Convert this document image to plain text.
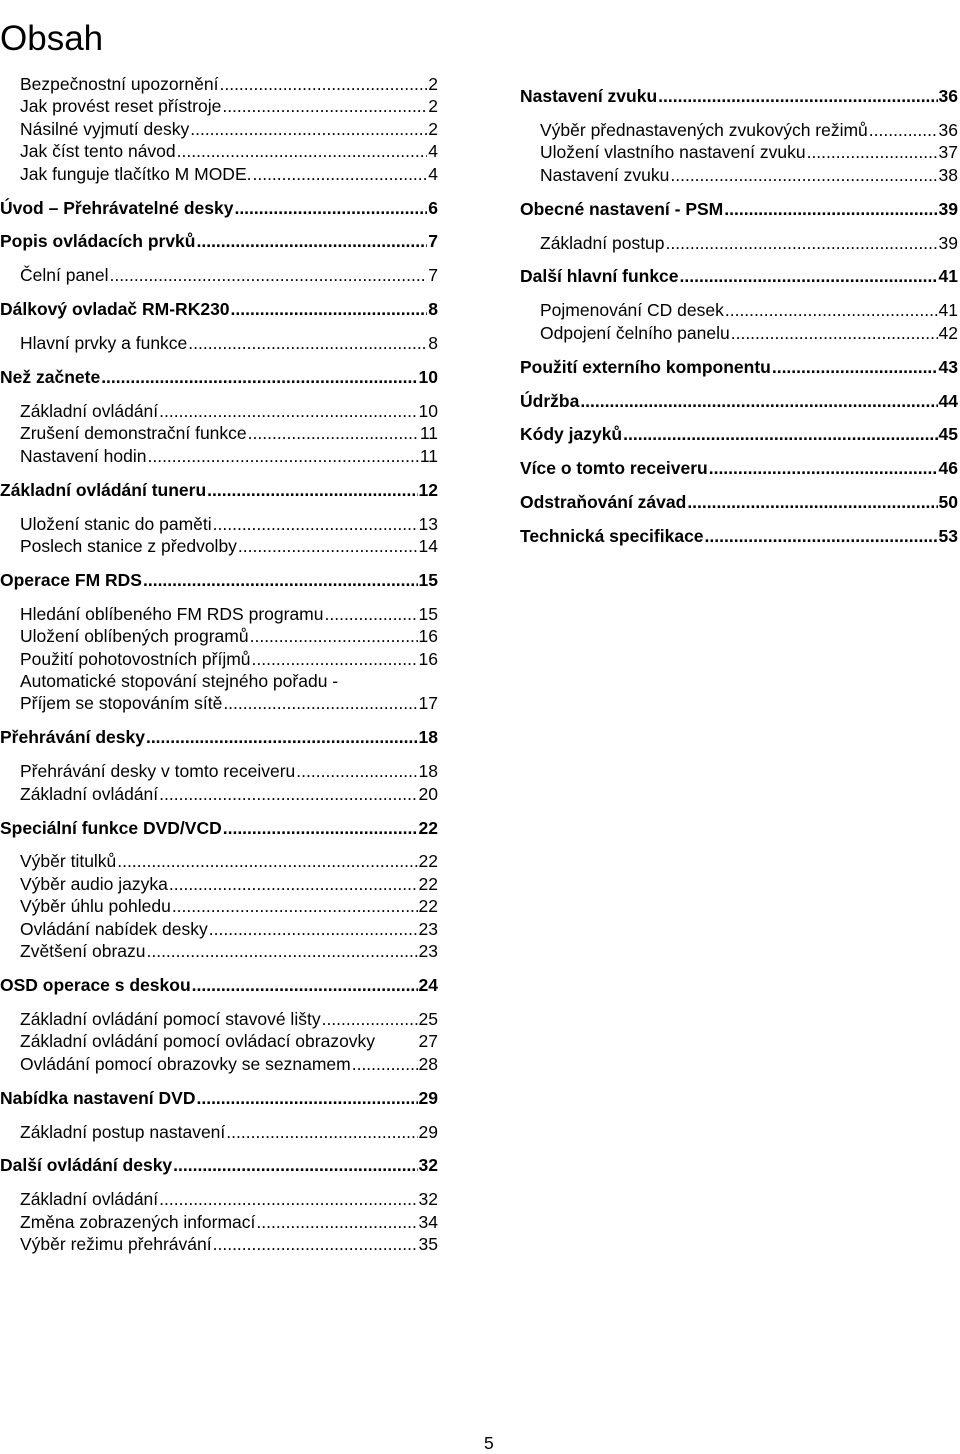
Obsah
Bezpečnostní upozornění .....	2
Jak provést reset přístroje .....	2
Násilné vyjmutí desky .....	2
Jak číst tento návod .....	4
Jak funguje tlačítko M MODE. .....	4
Úvod – Přehrávatelné desky .....	6
Popis ovládacích prvků .....	7
Čelní panel .....	7
Dálkový ovladač RM-RK230 .....	8
Hlavní prvky a funkce .....	8
Než začnete .....	10
Základní ovládání .....	10
Zrušení demonstrační funkce .....	11
Nastavení hodin .....	11
Základní ovládání tuneru .....	12
Uložení stanic do paměti .....	13
Poslech stanice z předvolby .....	14
Operace FM RDS .....	15
Hledání oblíbeného FM RDS programu .....	15
Uložení oblíbených programů .....	16
Použití pohotovostních příjmů .....	16
Automatické stopování stejného pořadu -
Příjem se stopováním sítě .....	17
Přehrávání desky .....	18
Přehrávání desky v tomto receiveru .....	18
Základní ovládání .....	20
Speciální funkce DVD/VCD .....	22
Výběr titulků .....	22
Výběr audio jazyka .....	22
Výběr úhlu pohledu .....	22
Ovládání nabídek desky .....	23
Zvětšení obrazu .....	23
OSD operace s deskou .....	24
Základní ovládání pomocí stavové lišty .....	25
Základní ovládání pomocí ovládací obrazovky 27
Ovládání pomocí obrazovky se seznamem .....	28
Nabídka nastavení DVD .....	29
Základní postup nastavení .....	29
Další ovládání desky .....	32
Základní ovládání .....	32
Změna zobrazených informací .....	34
Výběr režimu přehrávání .....	35
Nastavení zvuku .....	36
Výběr přednastavených zvukových režimů .....	36
Uložení vlastního nastavení zvuku .....	37
Nastavení zvuku .....	38
Obecné nastavení - PSM .....	39
Základní postup .....	39
Další hlavní funkce .....	41
Pojmenování CD desek .....	41
Odpojení čelního panelu .....	42
Použití externího komponentu .....	43
Údržba .....	44
Kódy jazyků .....	45
Více o tomto receiveru .....	46
Odstraňování závad .....	50
Technická specifikace .....	53
5
